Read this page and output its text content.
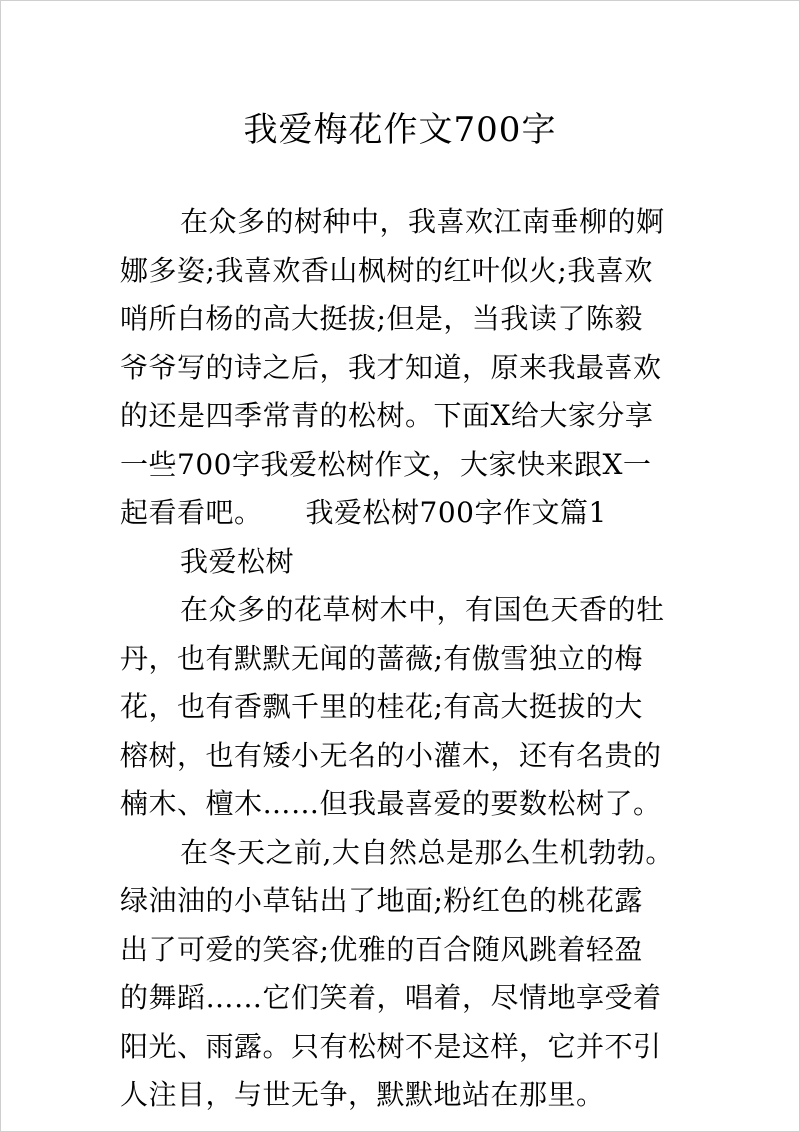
我爱梅花作文700字
在众多的树种中，我喜欢江南垂柳的婀
娜多姿;我喜欢香山枫树的红叶似火;我喜欢
哨所白杨的高大挺拔;但是，当我读了陈毅
爷爷写的诗之后，我才知道，原来我最喜欢
的还是四季常青的松树。下面X给大家分享
一些700字我爱松树作文，大家快来跟X一
起看看吧。　　我爱松树700字作文篇1
我爱松树
在众多的花草树木中，有国色天香的牡
丹，也有默默无闻的蔷薇;有傲雪独立的梅
花，也有香飘千里的桂花;有高大挺拔的大
榕树，也有矮小无名的小灌木，还有名贵的
楠木、檀木……但我最喜爱的要数松树了。
在冬天之前,大自然总是那么生机勃勃。
绿油油的小草钻出了地面;粉红色的桃花露
出了可爱的笑容;优雅的百合随风跳着轻盈
的舞蹈……它们笑着，唱着，尽情地享受着
阳光、雨露。只有松树不是这样，它并不引
人注目，与世无争，默默地站在那里。
